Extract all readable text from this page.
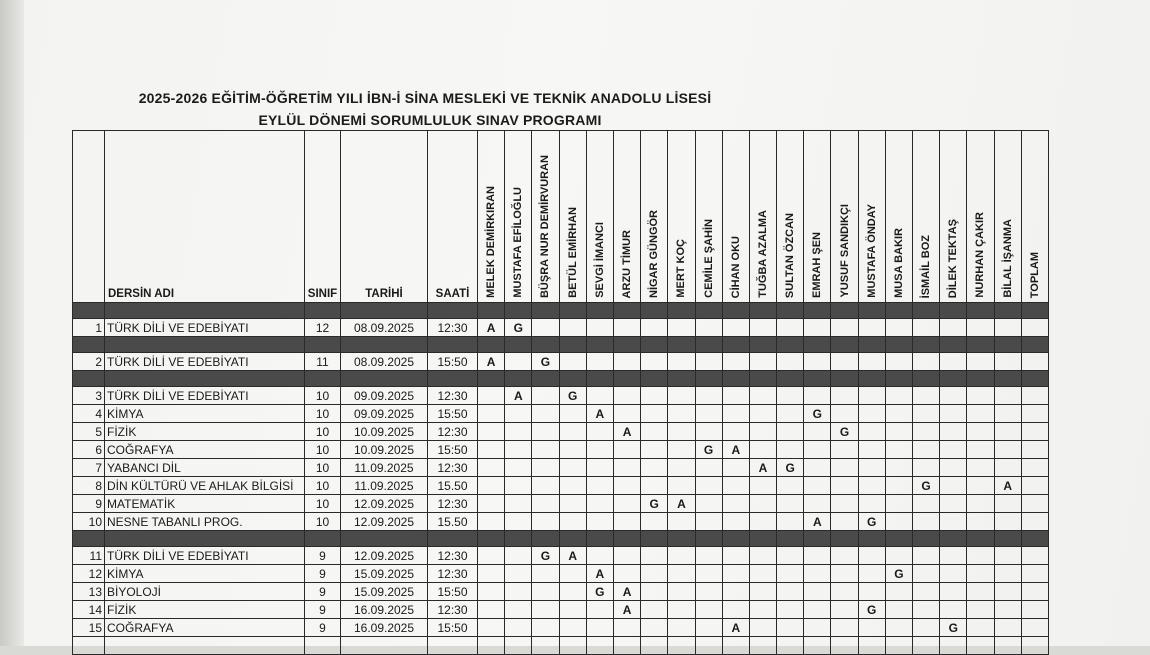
2025-2026 EĞİTİM-ÖĞRETİM YILI İBN-İ SİNA MESLEKİ VE TEKNİK ANADOLU LİSESİ
EYLÜL DÖNEMİ SORUMLULUK SINAV PROGRAMI
	DERSİN ADI	SINIF	TARİHİ	SAATİ	MELEK DEMİRKIRAN	MUSTAFA EFİLOĞLU	BÜŞRA NUR DEMİRVURAN	BETÜL EMİRHAN	SEVGİ İMANCI	ARZU TİMUR	NİGAR GÜNGÖR	MERT KOÇ	CEMİLE ŞAHİN	CİHAN OKU	TUĞBA AZALMA	SULTAN ÖZCAN	EMRAH ŞEN	YUSUF SANDIKÇI	MUSTAFA ÖNDAY	MUSA BAKIR	İSMAİL BOZ	DİLEK TEKTAŞ	NURHAN ÇAKIR	BİLAL İŞANMA	TOPLAM

1	TÜRK DİLİ VE EDEBİYATI	12	08.09.2025	12:30	A	G																			

2	TÜRK DİLİ VE EDEBİYATI	11	08.09.2025	15:50	A		G																		

3	TÜRK DİLİ VE EDEBİYATI	10	09.09.2025	12:30		A		G																	
4	KİMYA	10	09.09.2025	15:50					A								G								
5	FİZİK	10	10.09.2025	12:30						A								G							
6	COĞRAFYA	10	10.09.2025	15:50									G	A											
7	YABANCI DİL	10	11.09.2025	12:30											A	G									
8	DİN KÜLTÜRÜ VE AHLAK BİLGİSİ	10	11.09.2025	15.50																	G			A	
9	MATEMATİK	10	12.09.2025	12:30							G	A													
10	NESNE TABANLI PROG.	10	12.09.2025	15.50													A		G						

11	TÜRK DİLİ VE EDEBİYATI	9	12.09.2025	12:30			G	A																	
12	KİMYA	9	15.09.2025	12:30					A											G					
13	BİYOLOJİ	9	15.09.2025	15:50					G	A															
14	FİZİK	9	16.09.2025	12:30						A									G						
15	COĞRAFYA	9	16.09.2025	15:50										A								G			
